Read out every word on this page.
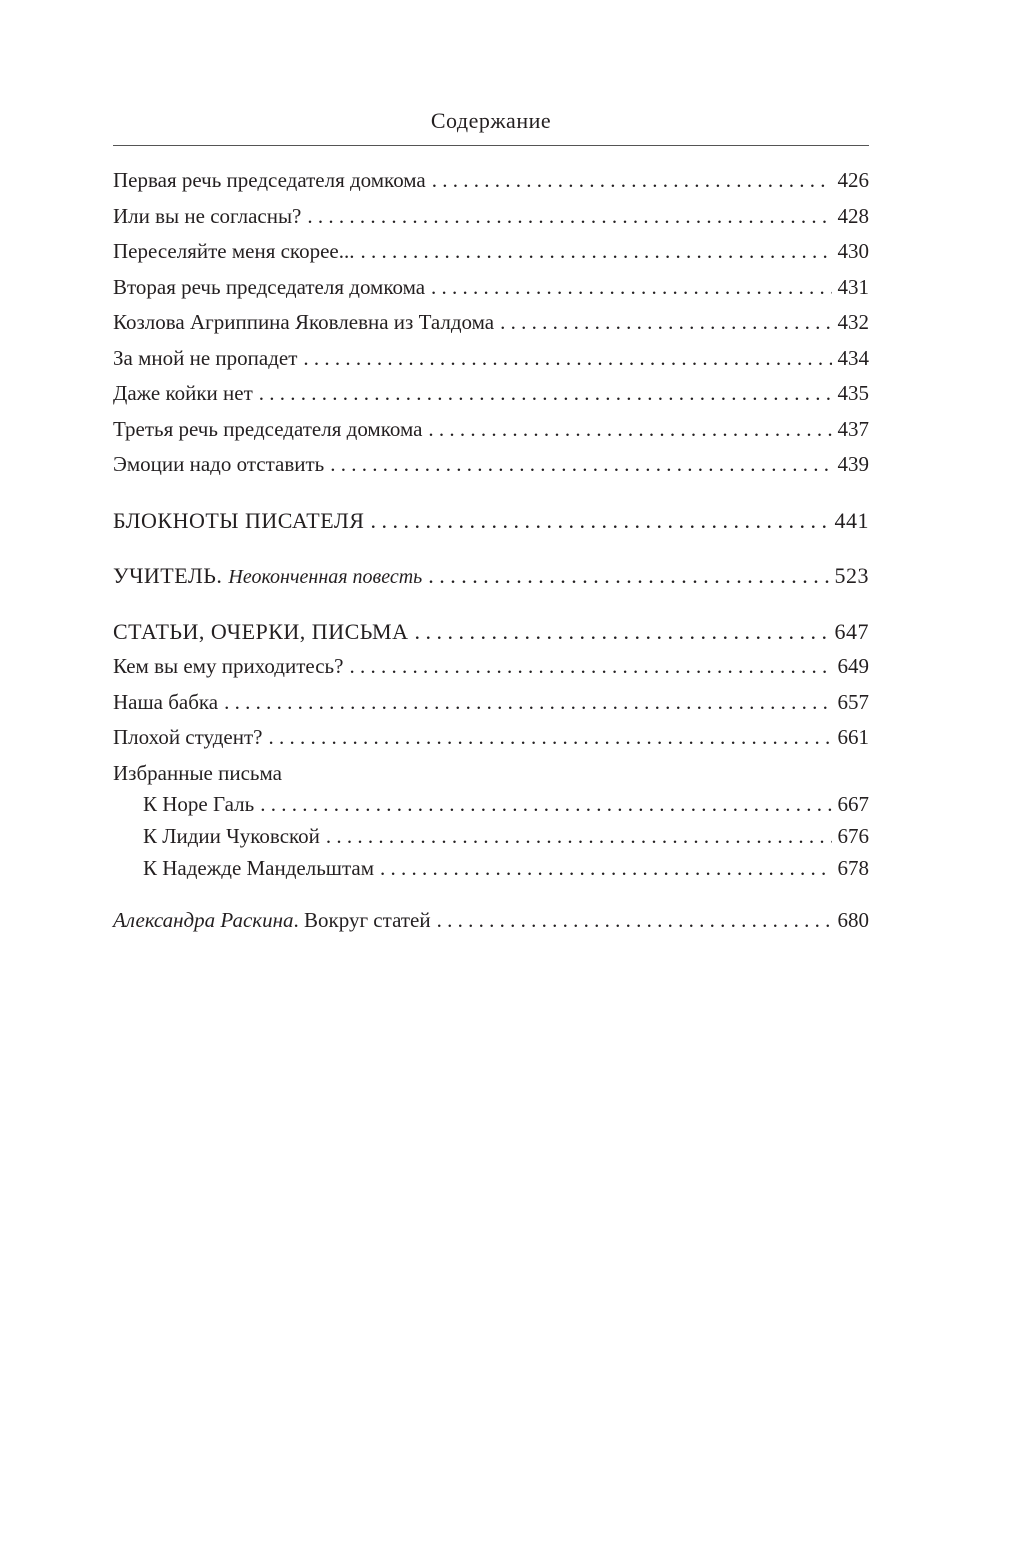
Содержание
Первая речь председателя домкома . . .	426
Или вы не согласны? . . .	428
Переселяйте меня скорее... . . .	430
Вторая речь председателя домкома . . .	431
Козлова Агриппина Яковлевна из Талдома . . .	432
За мной не пропадет . . .	434
Даже койки нет . . .	435
Третья речь председателя домкома . . .	437
Эмоции надо отставить . . .	439
БЛОКНОТЫ ПИСАТЕЛЯ . . .	441
УЧИТЕЛЬ. Неоконченная повесть . . .	523
СТАТЬИ, ОЧЕРКИ, ПИСЬМА . . .	647
Кем вы ему приходитесь? . . .	649
Наша бабка . . .	657
Плохой студент? . . .	661
Избранные письма
К Норе Галь . . .	667
К Лидии Чуковской . . .	676
К Надежде Мандельштам . . .	678
Александра Раскина. Вокруг статей . . .	680
